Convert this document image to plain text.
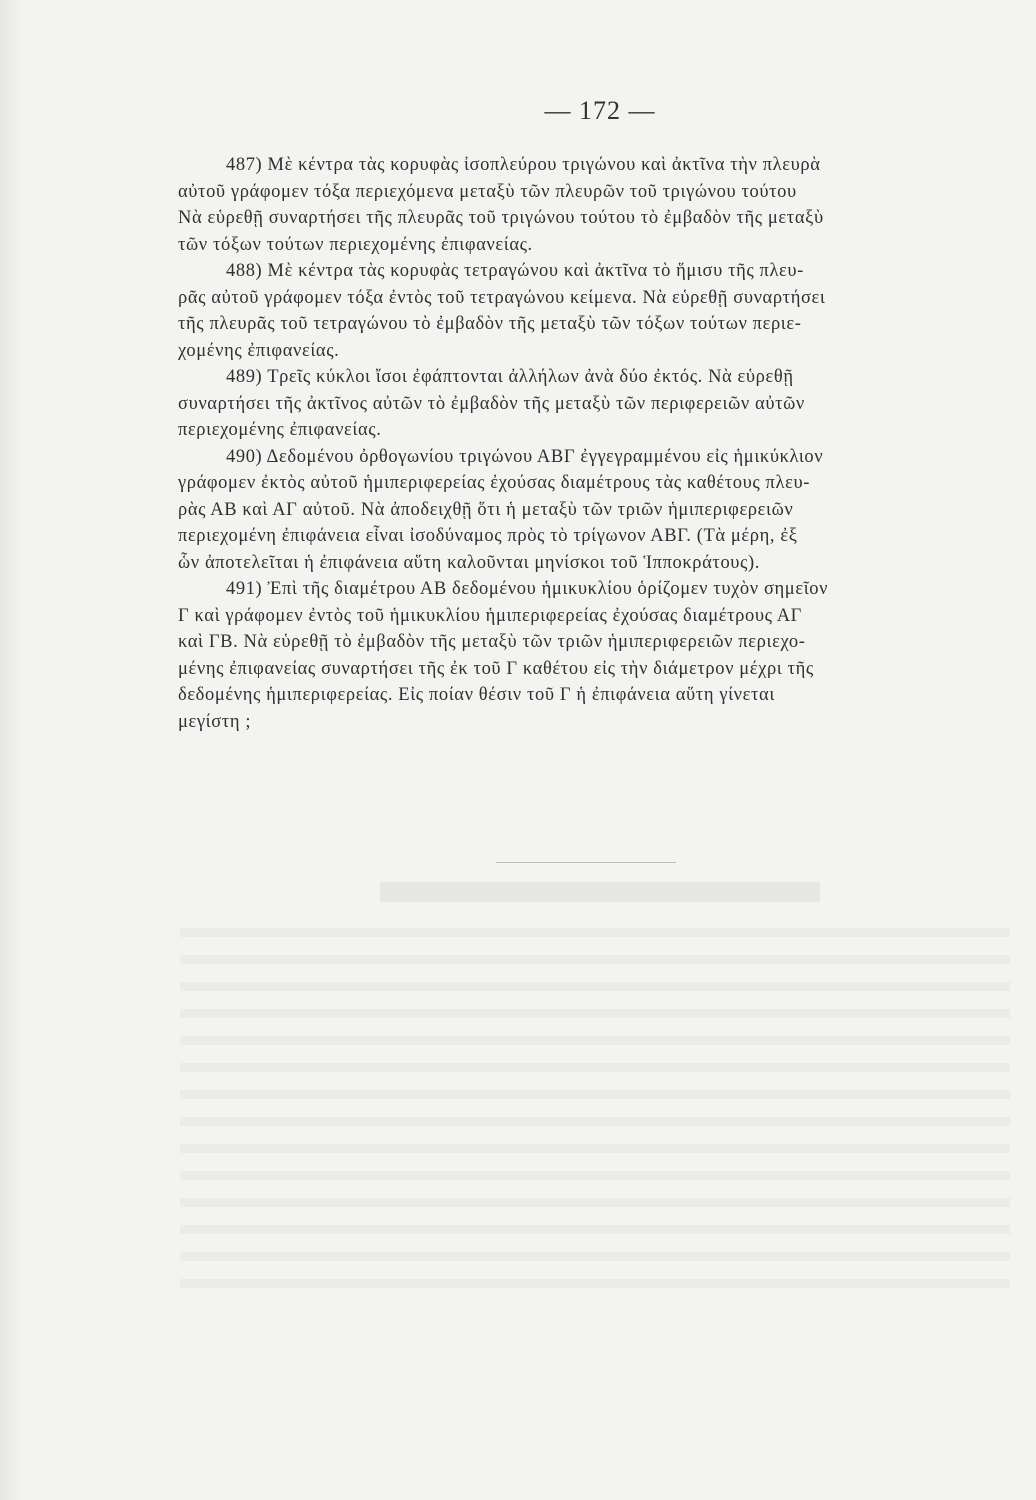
— 172 —
487) Μὲ κέντρα τὰς κορυφὰς ἰσοπλεύρου τριγώνου καὶ ἀκτῖνα τὴν πλευρὰ
αὐτοῦ γράφομεν τόξα περιεχόμενα μεταξὺ τῶν πλευρῶν τοῦ τριγώνου τούτου
Νὰ εὑρεθῇ συναρτήσει τῆς πλευρᾶς τοῦ τριγώνου τούτου τὸ ἐμβαδὸν τῆς μεταξὺ
τῶν τόξων τούτων περιεχομένης ἐπιφανείας.
488) Μὲ κέντρα τὰς κορυφὰς τετραγώνου καὶ ἀκτῖνα τὸ ἥμισυ τῆς πλευ-
ρᾶς αὐτοῦ γράφομεν τόξα ἐντὸς τοῦ τετραγώνου κείμενα. Νὰ εὑρεθῇ συναρτήσει
τῆς πλευρᾶς τοῦ τετραγώνου τὸ ἐμβαδὸν τῆς μεταξὺ τῶν τόξων τούτων περιε-
χομένης ἐπιφανείας.
489) Τρεῖς κύκλοι ἴσοι ἐφάπτονται ἀλλήλων ἀνὰ δύο ἐκτός. Νὰ εὑρεθῇ
συναρτήσει τῆς ἀκτῖνος αὐτῶν τὸ ἐμβαδὸν τῆς μεταξὺ τῶν περιφερειῶν αὐτῶν
περιεχομένης ἐπιφανείας.
490) Δεδομένου ὀρθογωνίου τριγώνου ΑΒΓ ἐγγεγραμμένου εἰς ἡμικύκλιον
γράφομεν ἐκτὸς αὐτοῦ ἡμιπεριφερείας ἐχούσας διαμέτρους τὰς καθέτους πλευ-
ρὰς ΑΒ καὶ ΑΓ αὐτοῦ. Νὰ ἀποδειχθῇ ὅτι ἡ μεταξὺ τῶν τριῶν ἡμιπεριφερειῶν
περιεχομένη ἐπιφάνεια εἶναι ἰσοδύναμος πρὸς τὸ τρίγωνον ΑΒΓ. (Τὰ μέρη, ἐξ
ὧν ἀποτελεῖται ἡ ἐπιφάνεια αὕτη καλοῦνται μηνίσκοι τοῦ Ἱπποκράτους).
491) Ἐπὶ τῆς διαμέτρου ΑΒ δεδομένου ἡμικυκλίου ὁρίζομεν τυχὸν σημεῖον
Γ καὶ γράφομεν ἐντὸς τοῦ ἡμικυκλίου ἡμιπεριφερείας ἐχούσας διαμέτρους ΑΓ
καὶ ΓΒ. Νὰ εὑρεθῇ τὸ ἐμβαδὸν τῆς μεταξὺ τῶν τριῶν ἡμιπεριφερειῶν περιεχο-
μένης ἐπιφανείας συναρτήσει τῆς ἐκ τοῦ Γ καθέτου εἰς τὴν διάμετρον μέχρι τῆς
δεδομένης ἡμιπεριφερείας. Εἰς ποίαν θέσιν τοῦ Γ ἡ ἐπιφάνεια αὕτη γίνεται
μεγίστη ;
